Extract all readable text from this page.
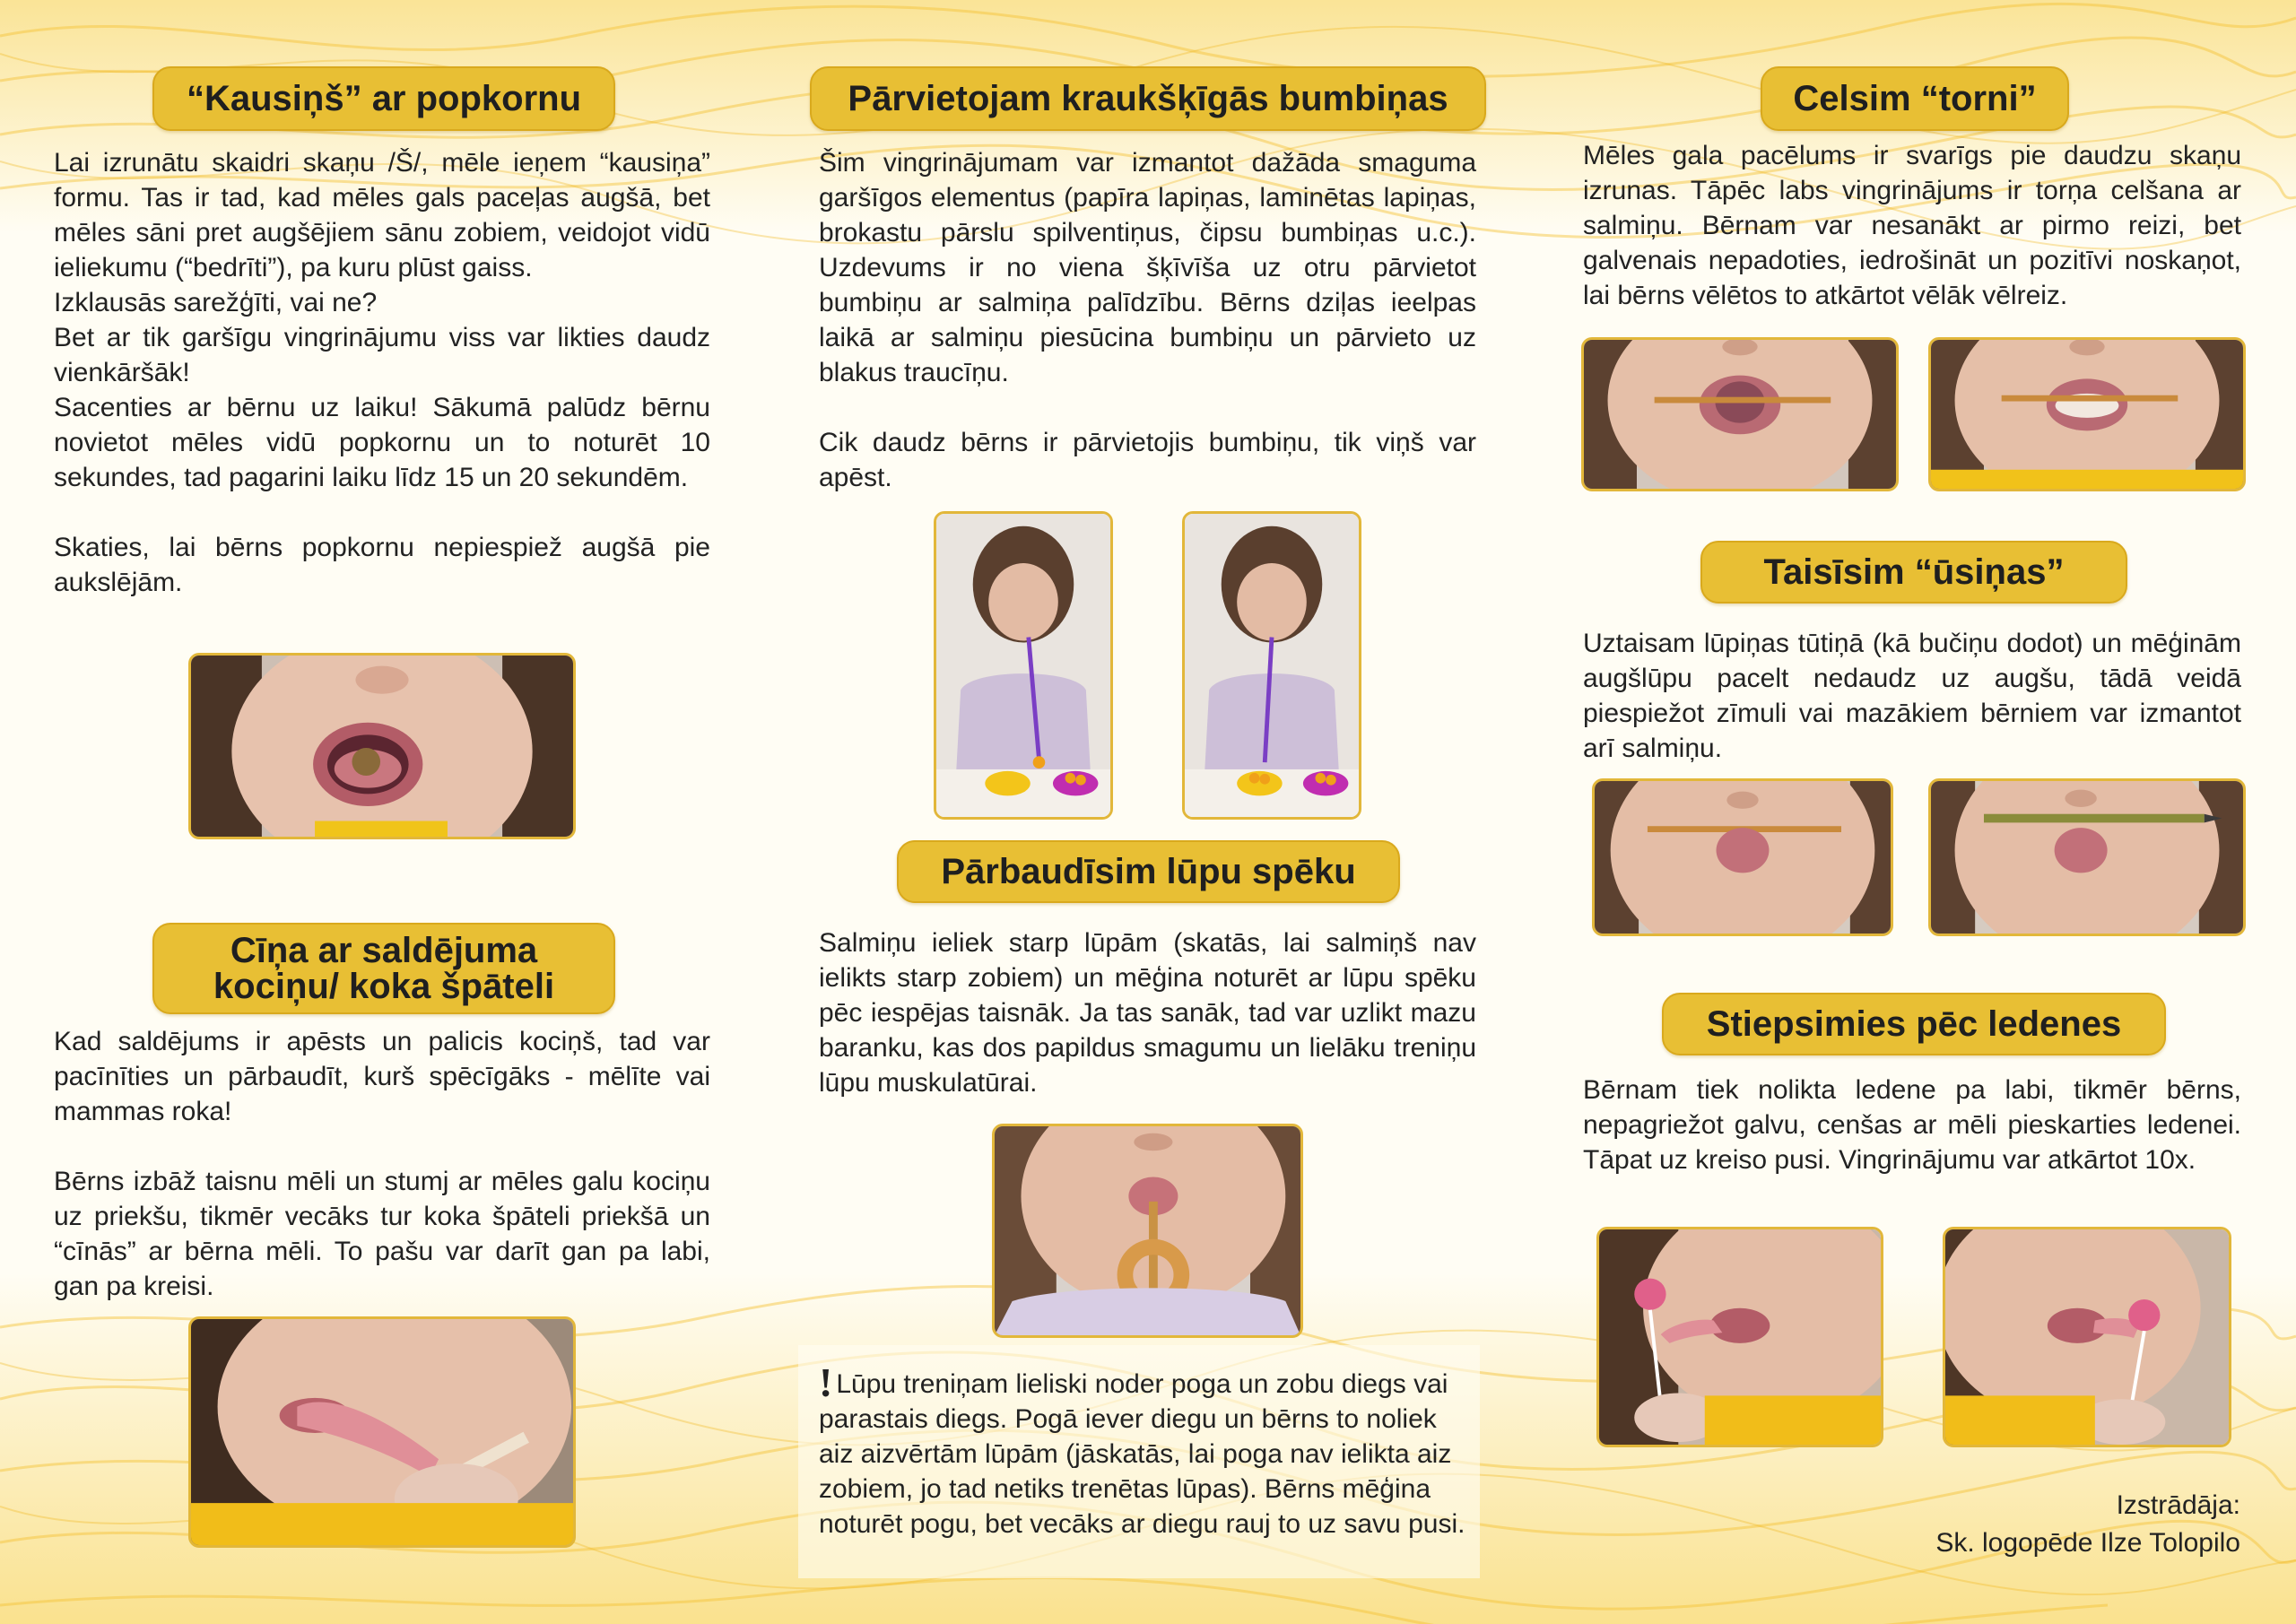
“Kausiņš” ar popkornu

Lai izrunātu skaidri skaņu /Š/, mēle ieņem “kausiņa” formu. Tas ir tad, kad mēles gals paceļas augšā, bet mēles sāni pret augšējiem sānu zobiem, veidojot vidū ieliekumu (“bedrīti”), pa kuru plūst gaiss.

Izklausās sarežģīti, vai ne?

Bet ar tik garšīgu vingrinājumu viss var likties daudz vienkāršāk!

Sacenties ar bērnu uz laiku! Sākumā palūdz bērnu novietot mēles vidū popkornu un to noturēt 10 sekundes, tad pagarini laiku līdz 15 un 20 sekundēm.

Skaties, lai bērns popkornu nepiespiež augšā pie aukslējām.

Cīņa ar saldējuma
kociņu/ koka špāteli

Kad saldējums ir apēsts un palicis kociņš, tad var pacīnīties un pārbaudīt, kurš spēcīgāks - mēlīte vai mammas roka!

Bērns izbāž taisnu mēli un stumj ar mēles galu kociņu uz priekšu, tikmēr vecāks tur koka špāteli priekšā un “cīnās” ar bērna mēli. To pašu var darīt gan pa labi, gan pa kreisi.

Pārvietojam kraukšķīgās bumbiņas

Šim vingrinājumam var izmantot dažāda smaguma garšīgos elementus (papīra lapiņas, laminētas lapiņas, brokastu pārslu spilventiņus, čipsu bumbiņas u.c.). Uzdevums ir no viena šķīvīša uz otru pārvietot bumbiņu ar salmiņa palīdzību. Bērns dziļas ieelpas laikā ar salmiņu piesūcina bumbiņu un pārvieto uz blakus traucīņu.

Cik daudz bērns ir pārvietojis bumbiņu, tik viņš var apēst.

Pārbaudīsim lūpu spēku

Salmiņu ieliek starp lūpām (skatās, lai salmiņš nav ielikts starp zobiem) un mēģina noturēt ar lūpu spēku pēc iespējas taisnāk. Ja tas sanāk, tad var uzlikt mazu baranku, kas dos papildus smagumu un lielāku treniņu lūpu muskulatūrai.

! Lūpu treniņam lieliski noder poga un zobu diegs vai parastais diegs. Pogā iever diegu un bērns to noliek aiz aizvērtām lūpām (jāskatās, lai poga nav ielikta aiz zobiem, jo tad netiks trenētas lūpas). Bērns mēģina noturēt pogu, bet vecāks ar diegu rauj to uz savu pusi.

Celsim “torni”

Mēles gala pacēlums ir svarīgs pie daudzu skaņu izrunas. Tāpēc labs vingrinājums ir torņa celšana ar salmiņu. Bērnam var nesanākt ar pirmo reizi, bet galvenais nepadoties, iedrošināt un pozitīvi noskaņot, lai bērns vēlētos to atkārtot vēlāk vēlreiz.

Taisīsim “ūsiņas”

Uztaisam lūpiņas tūtiņā (kā bučiņu dodot) un mēģinām augšlūpu pacelt nedaudz uz augšu, tādā veidā piespiežot zīmuli vai mazākiem bērniem var izmantot arī salmiņu.

Stiepsimies pēc ledenes

Bērnam tiek nolikta ledene pa labi, tikmēr bērns, nepagriežot galvu, cenšas ar mēli pieskarties ledenei. Tāpat uz kreiso pusi. Vingrinājumu var atkārtot 10x.

Izstrādāja:
Sk. logopēde Ilze Tolopilo
